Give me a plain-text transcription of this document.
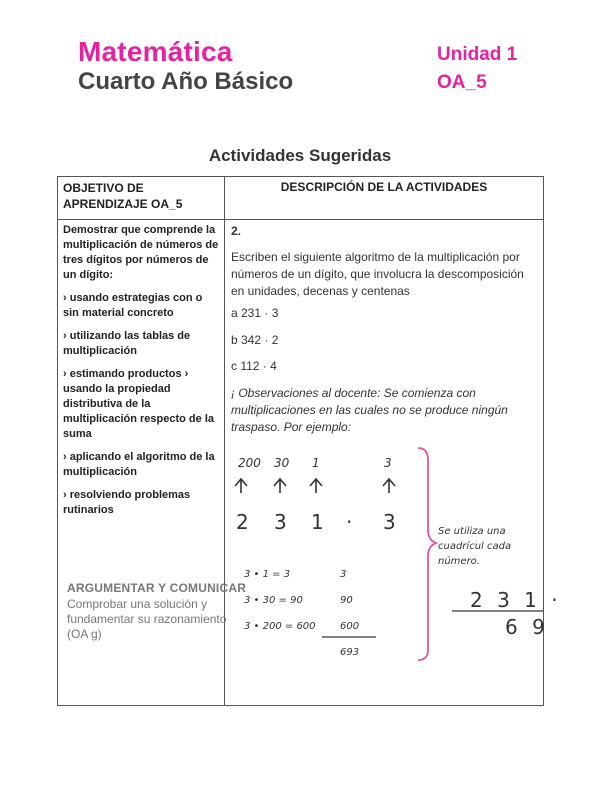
Matemática
Cuarto Año Básico
Unidad 1
OA_5
Actividades Sugeridas
OBJETIVO DE APRENDIZAJE OA_5
DESCRIPCIÓN DE LA ACTIVIDADES

Demostrar que comprende la multiplicación de números de tres dígitos por números de un dígito:

› usando estrategias con o sin material concreto

› utilizando las tablas de multiplicación

› estimando productos › usando la propiedad distributiva de la multiplicación respecto de la suma

› aplicando el algoritmo de la multiplicación

› resolviendo problemas rutinarios

2.
Escriben el siguiente algoritmo de la multiplicación por números de un dígito, que involucra la descomposición en unidades, decenas y centenas
a 231 · 3
b 342 · 2
c 112 · 4
¡ Observaciones al docente: Se comienza con multiplicaciones en las cuales no se produce ningún traspaso. Por ejemplo:
200 30 1	3
2 3 1 · 3	Se utiliza una cuadrícul cada número.
ARGUMENTAR Y COMUNICAR
Comprobar una solución y fundamentar su razonamiento (OA g)
3 • 1 = 3
3 • 30 = 90
3 • 200 = 600
3
90
600
693
2 3 1 ·
6 9
